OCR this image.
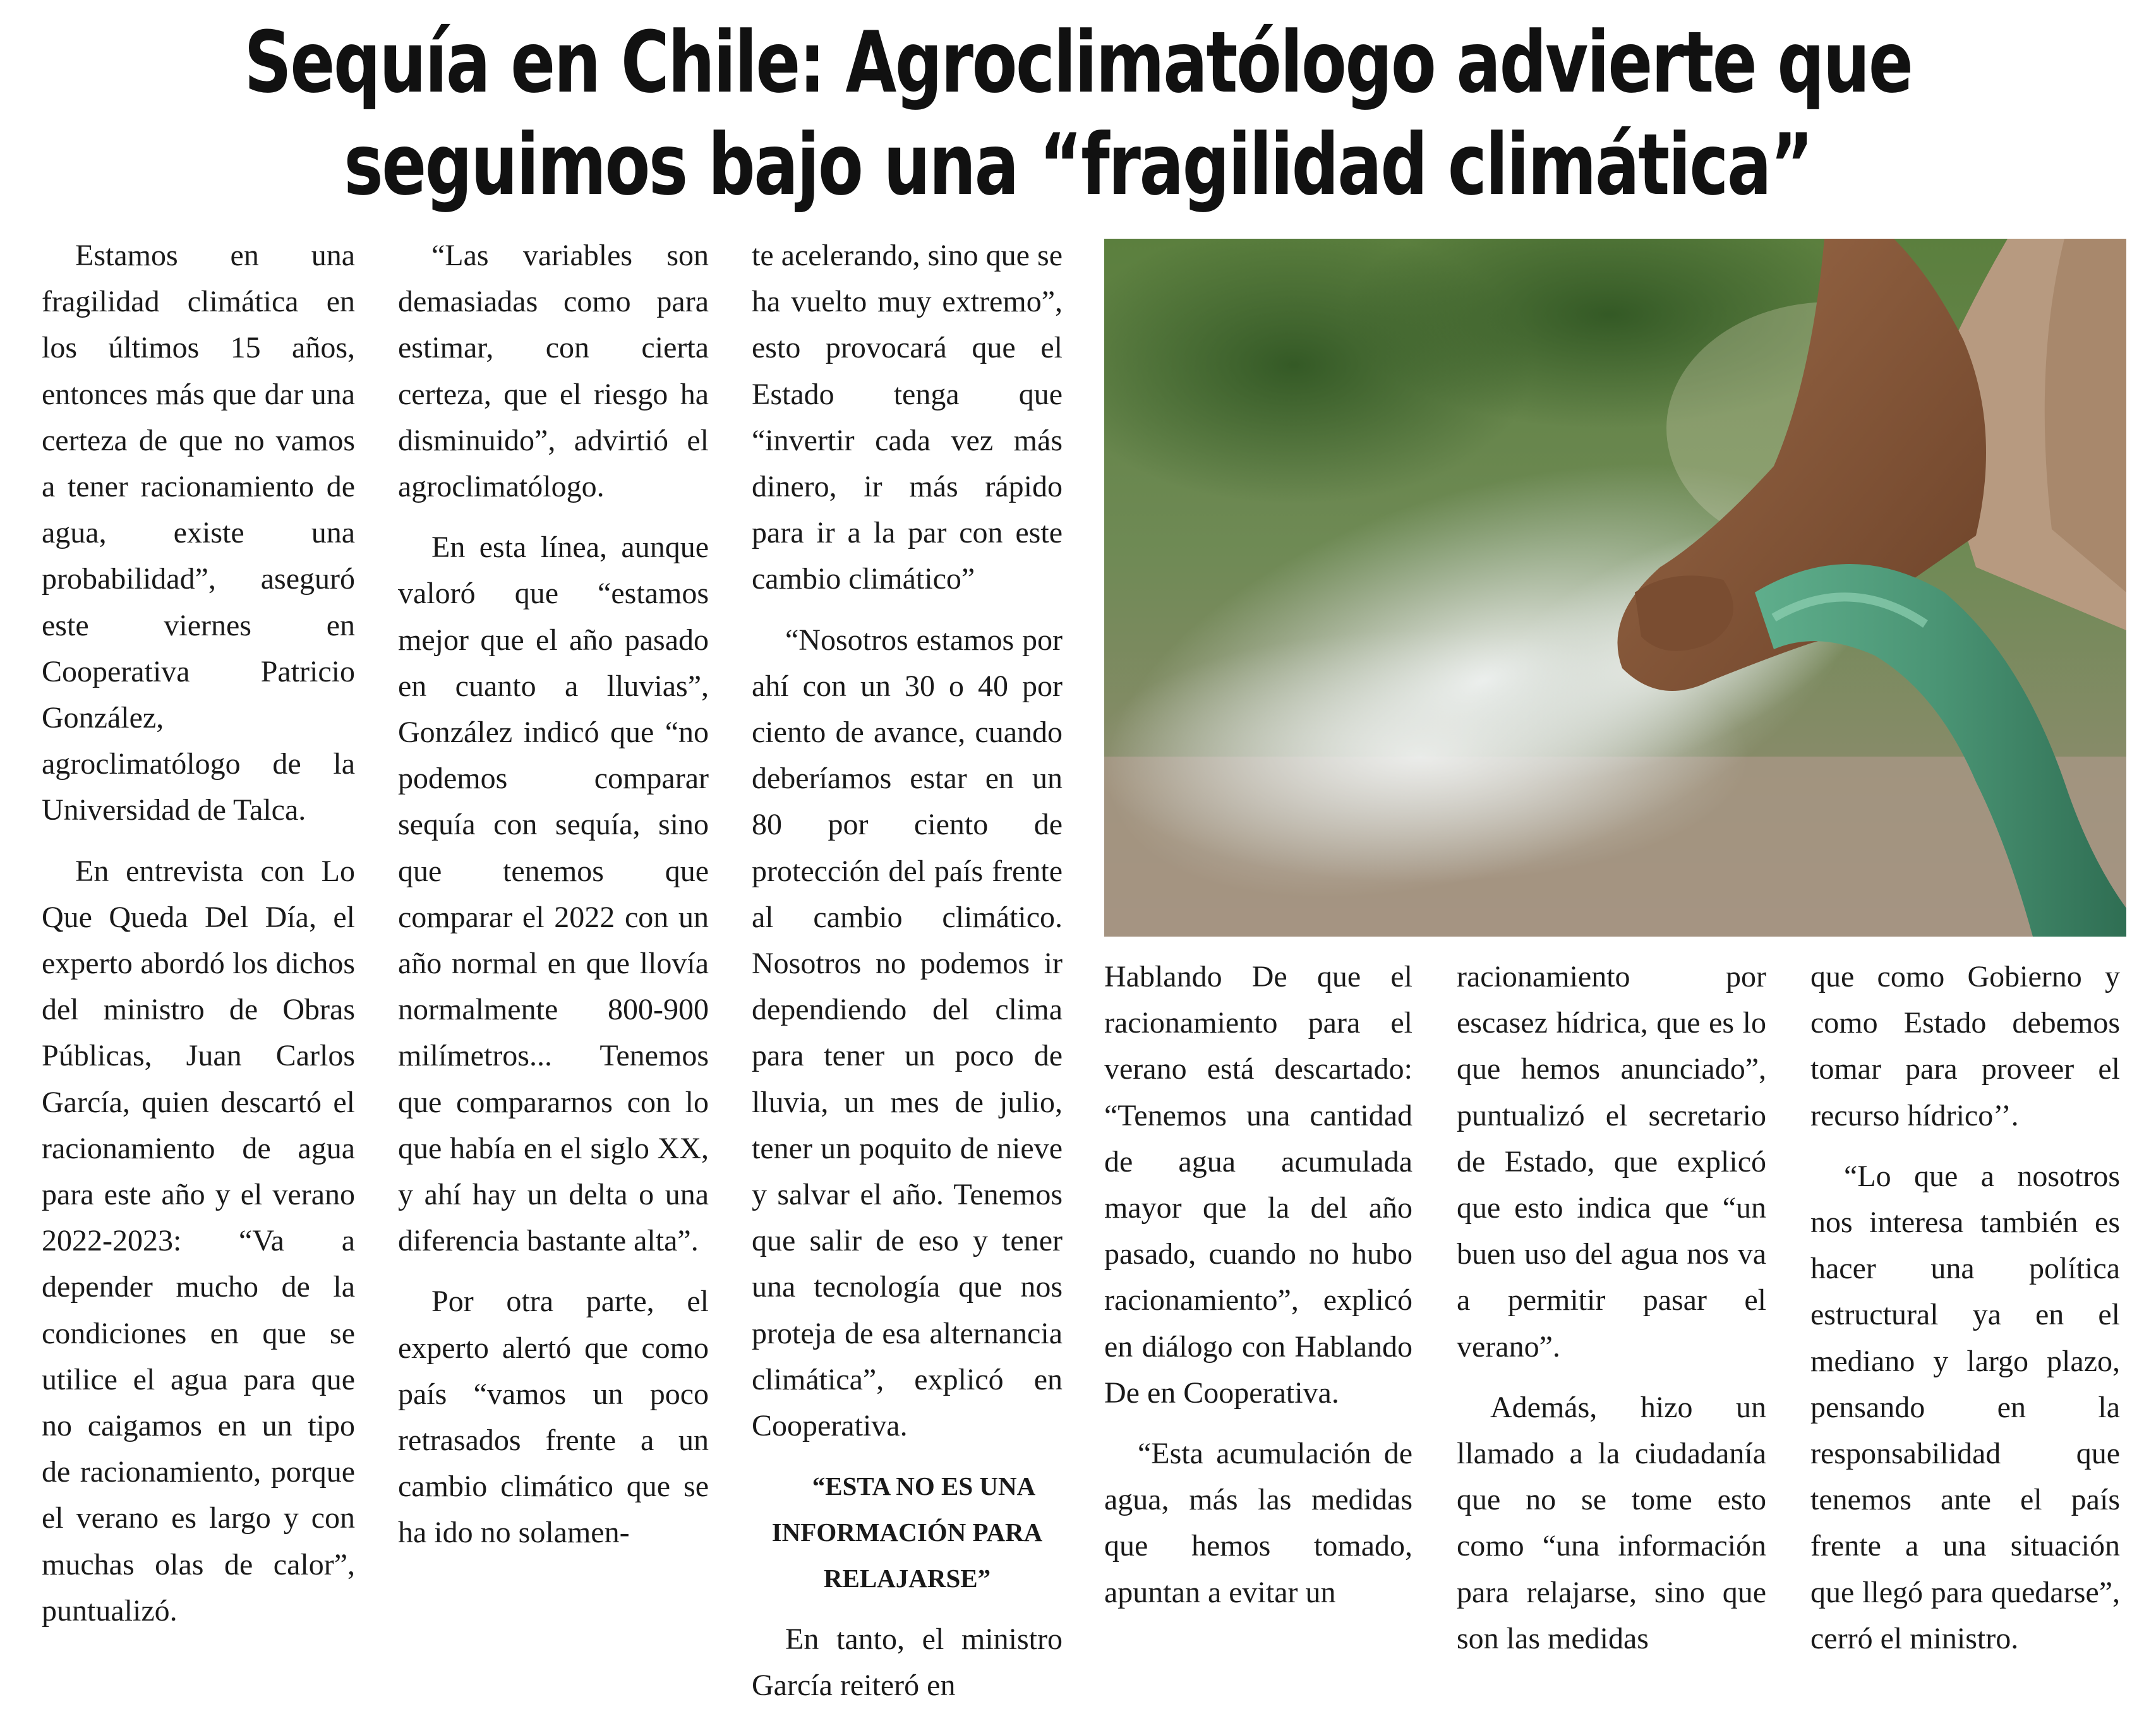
Sequía en Chile: Agroclimatólogo advierte que
seguimos bajo una “fragilidad climática”

Estamos en una fragilidad climática en los últimos 15 años, entonces más que dar una certeza de que no vamos a tener racionamiento de agua, existe una probabilidad”, aseguró este viernes en Cooperativa Patricio González, agroclimatólogo de la Universidad de Talca.

En entrevista con Lo Que Queda Del Día, el experto abordó los dichos del ministro de Obras Públicas, Juan Carlos García, quien descartó el racionamiento de agua para este año y el verano 2022-2023: “Va a depender mucho de la condiciones en que se utilice el agua para que no caigamos en un tipo de racionamiento, porque el verano es largo y con muchas olas de calor”, puntualizó.

“Las variables son demasiadas como para estimar, con cierta certeza, que el riesgo ha disminuido”, advirtió el agroclimatólogo.

En esta línea, aunque valoró que “estamos mejor que el año pasado en cuanto a lluvias”, González indicó que “no podemos comparar sequía con sequía, sino que tenemos que comparar el 2022 con un año normal en que llovía normalmente 800-900 milímetros... Tenemos que compararnos con lo que había en el siglo XX, y ahí hay un delta o una diferencia bastante alta”.

Por otra parte, el experto alertó que como país “vamos un poco retrasados frente a un cambio climático que se ha ido no solamen-

te acelerando, sino que se ha vuelto muy extremo”, esto provocará que el Estado tenga que “invertir cada vez más dinero, ir más rápido para ir a la par con este cambio climático”

“Nosotros estamos por ahí con un 30 o 40 por ciento de avance, cuando deberíamos estar en un 80 por ciento de protección del país frente al cambio climático. Nosotros no podemos ir dependiendo del clima para tener un poco de lluvia, un mes de julio, tener un poquito de nieve y salvar el año. Tenemos que salir de eso y tener una tecnología que nos proteja de esa alternancia climática”, explicó en Cooperativa.

“ESTA NO ES UNA INFORMACIÓN PARA RELAJARSE”

En tanto, el ministro García reiteró en

Hablando De que el racionamiento para el verano está descartado: “Tenemos una cantidad de agua acumulada mayor que la del año pasado, cuando no hubo racionamiento”, explicó en diálogo con Hablando De en Cooperativa.

“Esta acumulación de agua, más las medidas que hemos tomado, apuntan a evitar un

racionamiento por escasez hídrica, que es lo que hemos anunciado”, puntualizó el secretario de Estado, que explicó que esto indica que “un buen uso del agua nos va a permitir pasar el verano”.

Además, hizo un llamado a la ciudadanía que no se tome esto como “una información para relajarse, sino que son las medidas

que como Gobierno y como Estado debemos tomar para proveer el recurso hídrico’’.

“Lo que a nosotros nos interesa también es hacer una política estructural ya en el mediano y largo plazo, pensando en la responsabilidad que tenemos ante el país frente a una situación que llegó para quedarse”, cerró el ministro.
